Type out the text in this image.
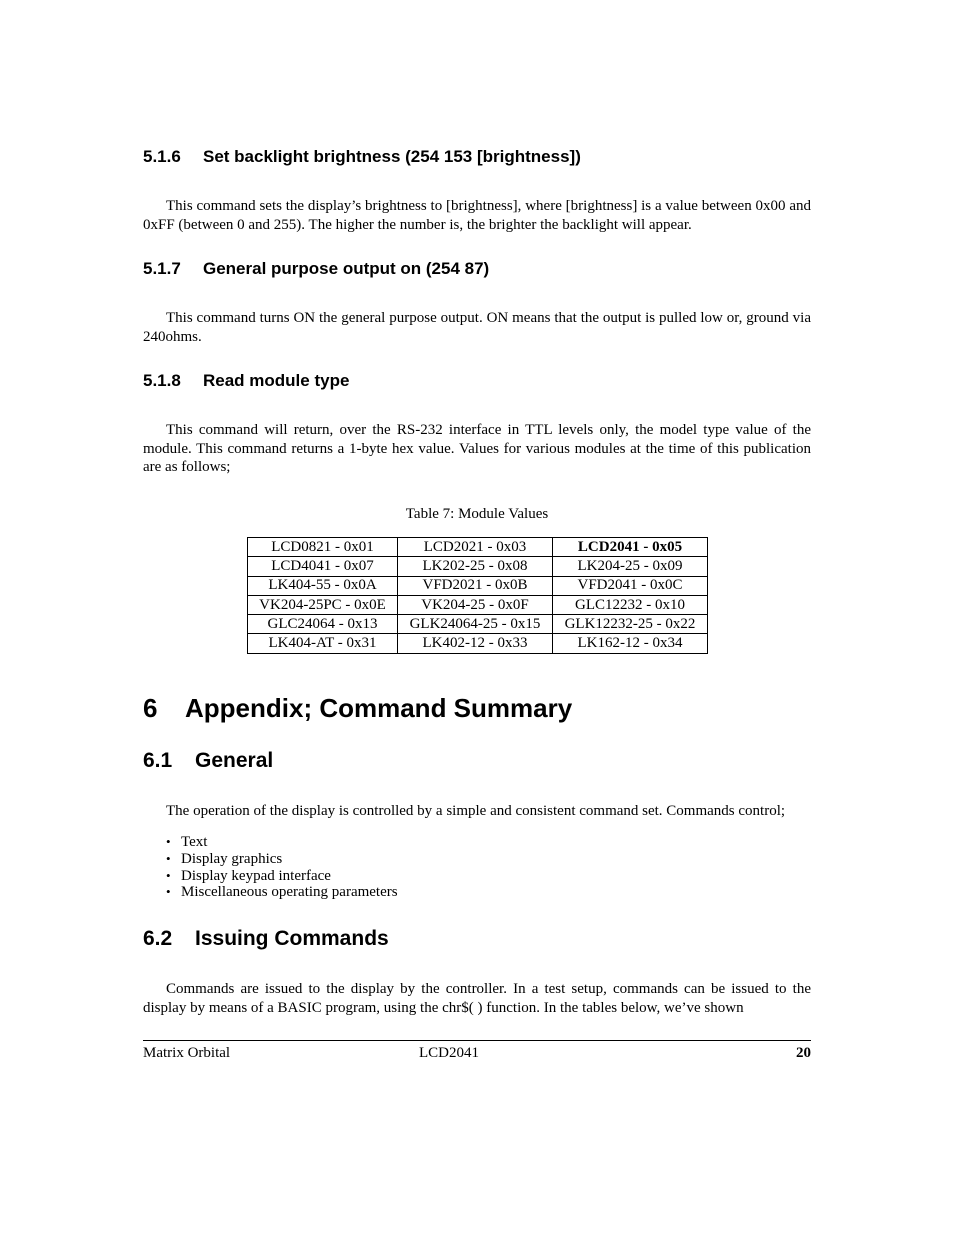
5.1.6 Set backlight brightness (254 153 [brightness])

This command sets the display’s brightness to [brightness], where [brightness] is a value between 0x00 and 0xFF (between 0 and 255). The higher the number is, the brighter the backlight will appear.

5.1.7 General purpose output on (254 87)

This command turns ON the general purpose output. ON means that the output is pulled low or, ground via 240ohms.

5.1.8 Read module type

This command will return, over the RS-232 interface in TTL levels only, the model type value of the module. This command returns a 1-byte hex value. Values for various modules at the time of this publication are as follows;

Table 7: Module Values

LCD0821 - 0x01	LCD2021 - 0x03	LCD2041 - 0x05
LCD4041 - 0x07	LK202-25 - 0x08	LK204-25 - 0x09
LK404-55 - 0x0A	VFD2021 - 0x0B	VFD2041 - 0x0C
VK204-25PC - 0x0E	VK204-25 - 0x0F	GLC12232 - 0x10
GLC24064 - 0x13	GLK24064-25 - 0x15	GLK12232-25 - 0x22
LK404-AT - 0x31	LK402-12 - 0x33	LK162-12 - 0x34
6 Appendix; Command Summary
6.1 General

The operation of the display is controlled by a simple and consistent command set. Commands control;

• Text
• Display graphics
• Display keypad interface
• Miscellaneous operating parameters
6.2 Issuing Commands

Commands are issued to the display by the controller. In a test setup, commands can be issued to the display by means of a BASIC program, using the chr$( ) function. In the tables below, we’ve shown

Matrix Orbital	LCD2041	20
